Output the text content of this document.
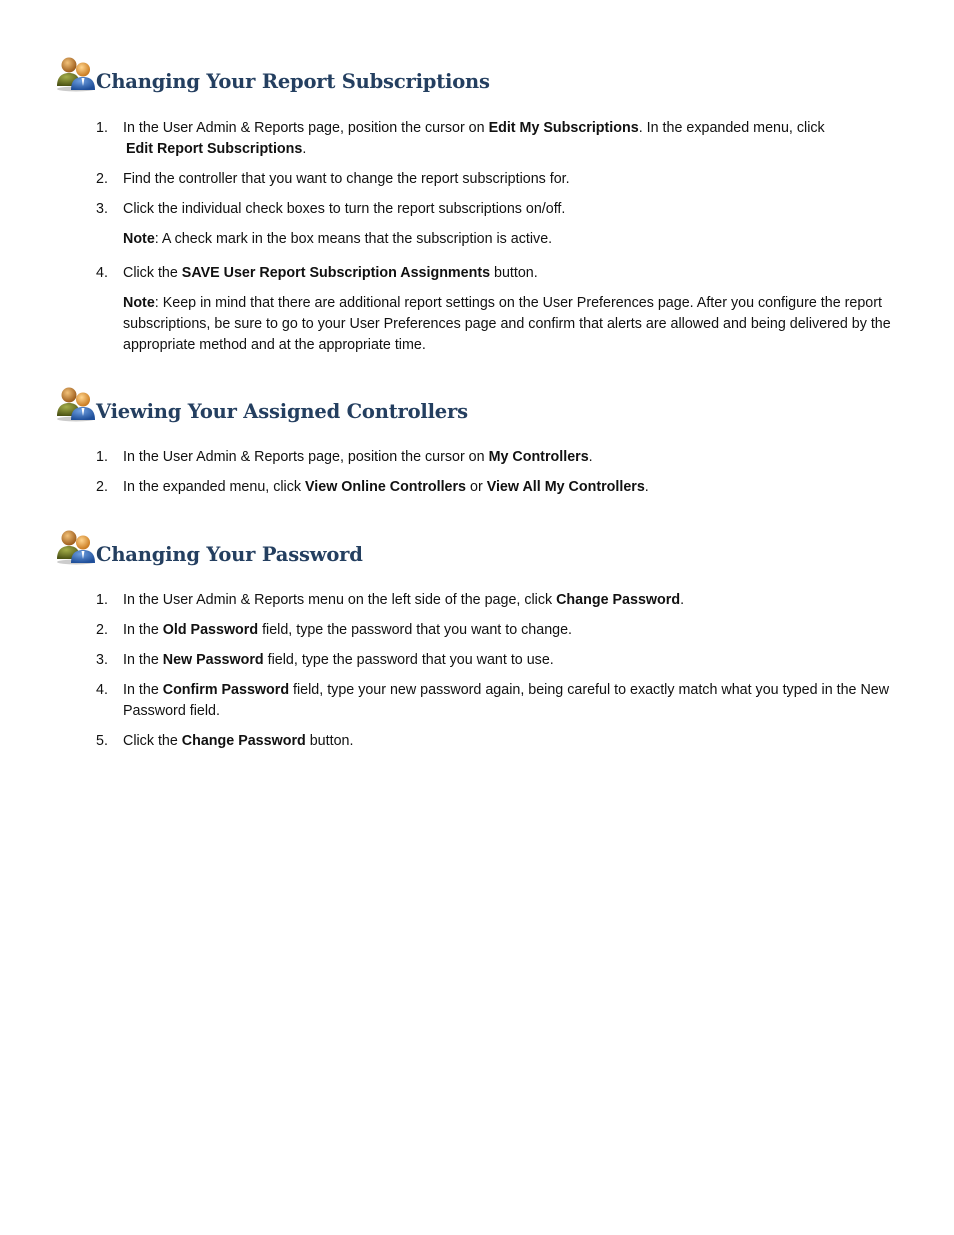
Changing Your Report Subscriptions
1. In the User Admin & Reports page, position the cursor on Edit My Subscriptions. In the expanded menu, click
Edit Report Subscriptions.
2. Find the controller that you want to change the report subscriptions for.
3. Click the individual check boxes to turn the report subscriptions on/off.
Note: A check mark in the box means that the subscription is active.
4. Click the SAVE User Report Subscription Assignments button.
Note: Keep in mind that there are additional report settings on the User Preferences page. After you configure the report subscriptions, be sure to go to your User Preferences page and confirm that alerts are allowed and being delivered by the appropriate method and at the appropriate time.
Viewing Your Assigned Controllers
1. In the User Admin & Reports page, position the cursor on My Controllers.
2. In the expanded menu, click View Online Controllers or View All My Controllers.
Changing Your Password
1. In the User Admin & Reports menu on the left side of the page, click Change Password.
2. In the Old Password field, type the password that you want to change.
3. In the New Password field, type the password that you want to use.
4. In the Confirm Password field, type your new password again, being careful to exactly match what you typed in the New Password field.
5. Click the Change Password button.
